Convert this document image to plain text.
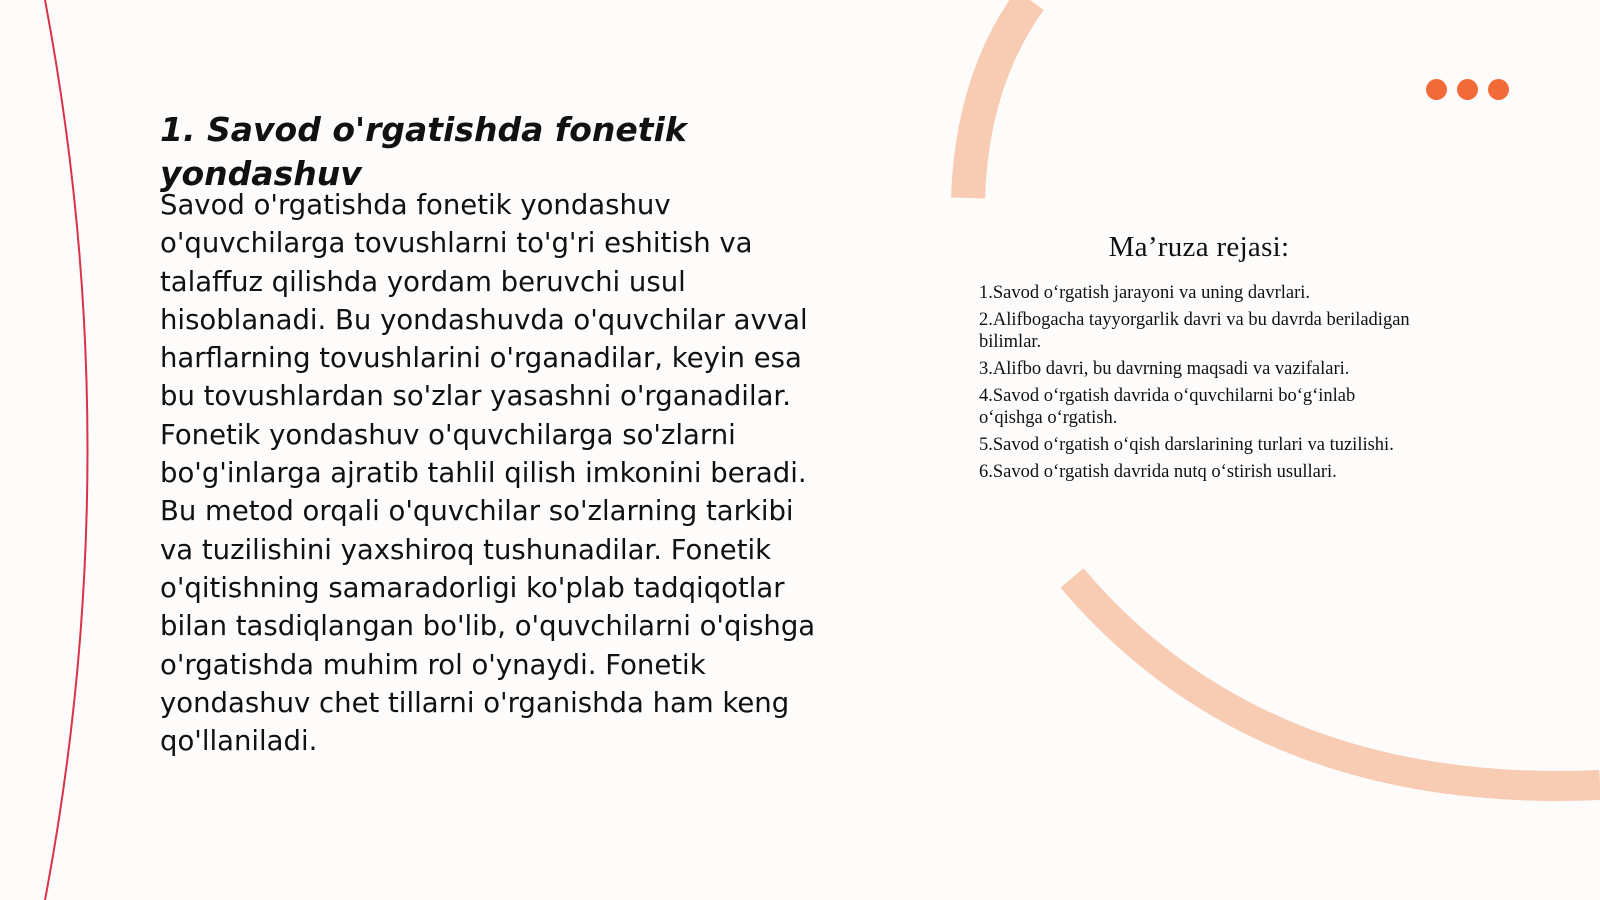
1. Savod o'rgatishda fonetik yondashuv

Savod o'rgatishda fonetik yondashuv o'quvchilarga tovushlarni to'g'ri eshitish va talaffuz qilishda yordam beruvchi usul hisoblanadi. Bu yondashuvda o'quvchilar avval harflarning tovushlarini o'rganadilar, keyin esa bu tovushlardan so'zlar yasashni o'rganadilar. Fonetik yondashuv o'quvchilarga so'zlarni bo'g'inlarga ajratib tahlil qilish imkonini beradi. Bu metod orqali o'quvchilar so'zlarning tarkibi va tuzilishini yaxshiroq tushunadilar. Fonetik o'qitishning samaradorligi ko'plab tadqiqotlar bilan tasdiqlangan bo'lib, o'quvchilarni o'qishga o'rgatishda muhim rol o'ynaydi. Fonetik yondashuv chet tillarni o'rganishda ham keng qo'llaniladi.

Ma’ruza rejasi:
1.Savod o‘rgatish jarayoni va uning davrlari.
2.Alifbogacha tayyorgarlik davri va bu davrda beriladigan bilimlar.
3.Alifbo davri, bu davrning maqsadi va vazifalari.
4.Savod o‘rgatish davrida o‘quvchilarni bo‘g‘inlab o‘qishga o‘rgatish.
5.Savod o‘rgatish o‘qish darslarining turlari va tuzilishi.
6.Savod o‘rgatish davrida nutq o‘stirish usullari.
